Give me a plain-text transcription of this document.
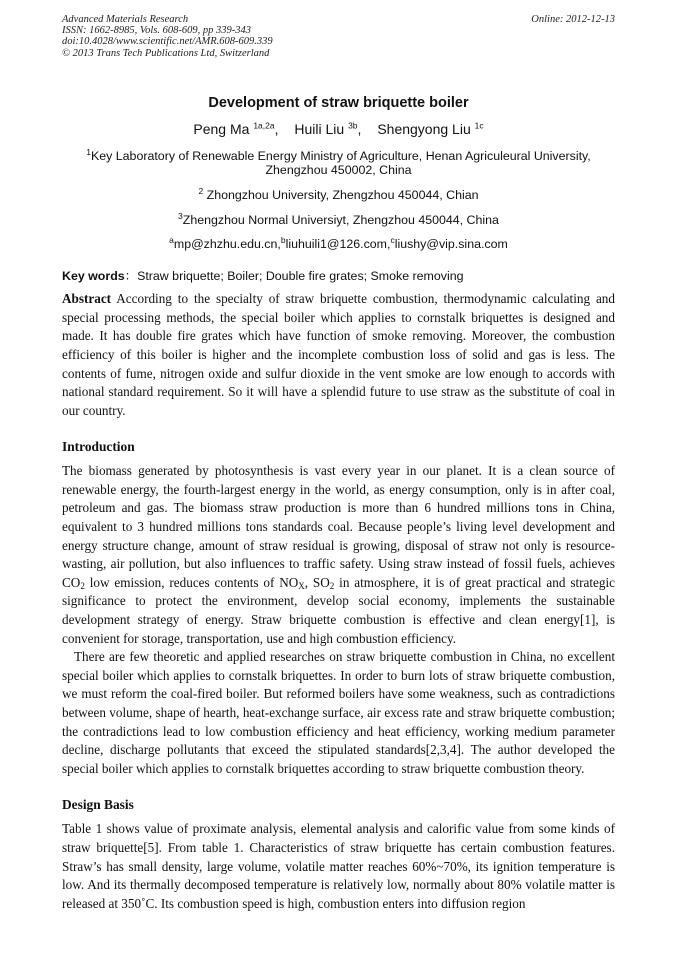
Advanced Materials Research
ISSN: 1662-8985, Vols. 608-609, pp 339-343
doi:10.4028/www.scientific.net/AMR.608-609.339
© 2013 Trans Tech Publications Ltd, Switzerland
Online: 2012-12-13
Development of straw briquette boiler
Peng Ma $^{1a,2a}$, Huili Liu $^{3b}$, Shengyong Liu $^{1c}$
$^1$Key Laboratory of Renewable Energy Ministry of Agriculture, Henan Agriculeural University, Zhengzhou 450002, China
$^2$ Zhongzhou University, Zhengzhou 450044, Chian
$^3$Zhengzhou Normal Universiyt, Zhengzhou 450044, China
$^a$mp@zhzhu.edu.cn,$^b$liuhuili1@126.com,$^c$liushy@vip.sina.com
Key words：Straw briquette; Boiler; Double fire grates; Smoke removing
Abstract According to the specialty of straw briquette combustion, thermodynamic calculating and special processing methods, the special boiler which applies to cornstalk briquettes is designed and made. It has double fire grates which have function of smoke removing. Moreover, the combustion efficiency of this boiler is higher and the incomplete combustion loss of solid and gas is less. The contents of fume, nitrogen oxide and sulfur dioxide in the vent smoke are low enough to accords with national standard requirement. So it will have a splendid future to use straw as the substitute of coal in our country.
Introduction

The biomass generated by photosynthesis is vast every year in our planet. It is a clean source of renewable energy, the fourth-largest energy in the world, as energy consumption, only is in after coal, petroleum and gas. The biomass straw production is more than 6 hundred millions tons in China, equivalent to 3 hundred millions tons standards coal. Because people’s living level development and energy structure change, amount of straw residual is growing, disposal of straw not only is resource-wasting, air pollution, but also influences to traffic safety. Using straw instead of fossil fuels, achieves $CO_2$ low emission, reduces contents of $NO_X$, $SO_2$ in atmosphere, it is of great practical and strategic significance to protect the environment, develop social economy, implements the sustainable development strategy of energy. Straw briquette combustion is effective and clean energy[1], is convenient for storage, transportation, use and high combustion efficiency.

There are few theoretic and applied researches on straw briquette combustion in China, no excellent special boiler which applies to cornstalk briquettes. In order to burn lots of straw briquette combustion, we must reform the coal-fired boiler. But reformed boilers have some weakness, such as contradictions between volume, shape of hearth, heat-exchange surface, air excess rate and straw briquette combustion; the contradictions lead to low combustion efficiency and heat efficiency, working medium parameter decline, discharge pollutants that exceed the stipulated standards[2,3,4]. The author developed the special boiler which applies to cornstalk briquettes according to straw briquette combustion theory.

Design Basis

Table 1 shows value of proximate analysis, elemental analysis and calorific value from some kinds of straw briquette[5]. From table 1. Characteristics of straw briquette has certain combustion features. Straw’s has small density, large volume, volatile matter reaches 60%~70%, its ignition temperature is low. And its thermally decomposed temperature is relatively low, normally about 80% volatile matter is released at 350˚C. Its combustion speed is high, combustion enters into diffusion region
